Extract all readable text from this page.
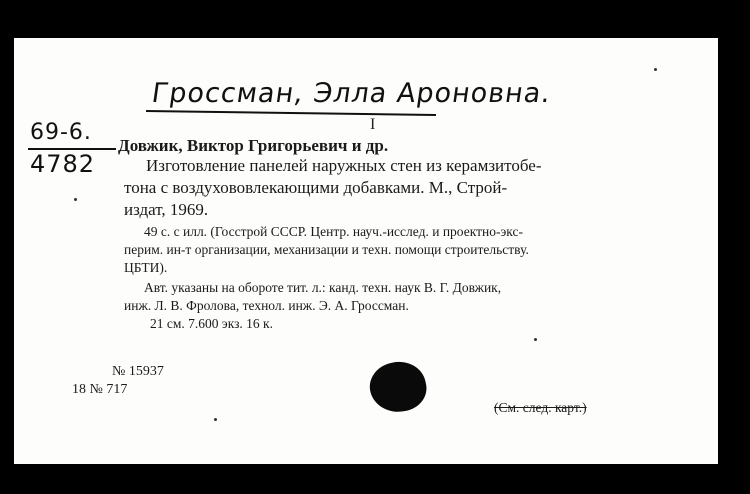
Гроссман, Элла Ароновна.
69-6.
4782
I
Довжик, Виктор Григорьевич и др.
Изготовление панелей наружных стен из керамзитобе-
тона с воздухововлекающими добавками. М., Строй-
издат, 1969.
49 с. с илл. (Госстрой СССР. Центр. науч.-исслед. и проектно-экс-
перим. ин-т организации, механизации и техн. помощи строительству.
ЦБТИ).
Авт. указаны на обороте тит. л.: канд. техн. наук В. Г. Довжик,
инж. Л. В. Фролова, технол. инж. Э. А. Гроссман.
21 см. 7.600 экз. 16 к.
№ 15937
18 № 717
(См. след. карт.)
